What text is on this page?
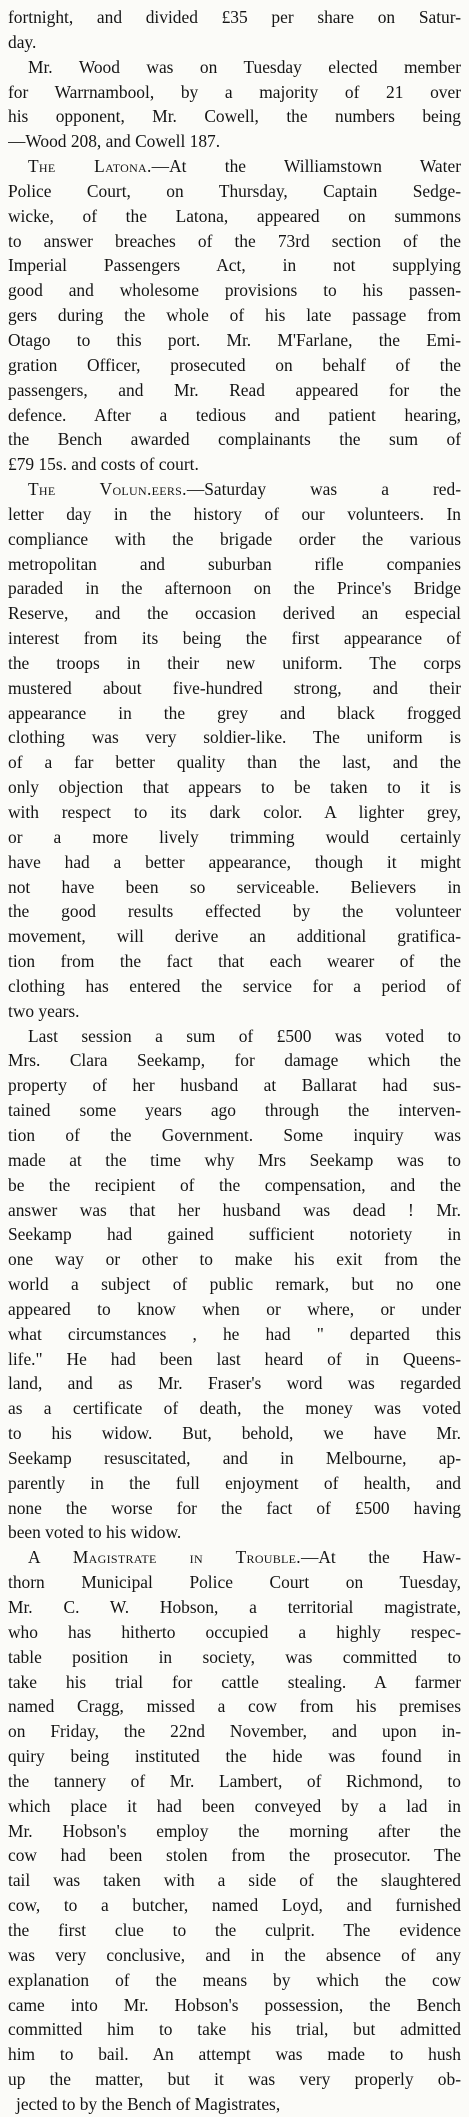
fortnight, and divided £35 per share on Satur-
day.
Mr. Wood was on Tuesday elected member
for Warrnambool, by a majority of 21 over
his opponent, Mr. Cowell, the numbers being
—Wood 208, and Cowell 187.
The Latona.—At the Williamstown Water
Police Court, on Thursday, Captain Sedge-
wicke, of the Latona, appeared on summons
to answer breaches of the 73rd section of the
Imperial Passengers Act, in not supplying
good and wholesome provisions to his passen-
gers during the whole of his late passage from
Otago to this port. Mr. M'Farlane, the Emi-
gration Officer, prosecuted on behalf of the
passengers, and Mr. Read appeared for the
defence. After a tedious and patient hearing,
the Bench awarded complainants the sum of
£79 15s. and costs of court.
The Volun.eers.—Saturday was a red-
letter day in the history of our volunteers. In
compliance with the brigade order the various
metropolitan and suburban rifle companies
paraded in the afternoon on the Prince's Bridge
Reserve, and the occasion derived an especial
interest from its being the first appearance of
the troops in their new uniform. The corps
mustered about five-hundred strong, and their
appearance in the grey and black frogged
clothing was very soldier-like. The uniform is
of a far better quality than the last, and the
only objection that appears to be taken to it is
with respect to its dark color. A lighter grey,
or a more lively trimming would certainly
have had a better appearance, though it might
not have been so serviceable. Believers in
the good results effected by the volunteer
movement, will derive an additional gratifica-
tion from the fact that each wearer of the
clothing has entered the service for a period of
two years.
Last session a sum of £500 was voted to
Mrs. Clara Seekamp, for damage which the
property of her husband at Ballarat had sus-
tained some years ago through the interven-
tion of the Government. Some inquiry was
made at the time why Mrs Seekamp was to
be the recipient of the compensation, and the
answer was that her husband was dead ! Mr.
Seekamp had gained sufficient notoriety in
one way or other to make his exit from the
world a subject of public remark, but no one
appeared to know when or where, or under
what circumstances , he had " departed this
life." He had been last heard of in Queens-
land, and as Mr. Fraser's word was regarded
as a certificate of death, the money was voted
to his widow. But, behold, we have Mr.
Seekamp resuscitated, and in Melbourne, ap-
parently in the full enjoyment of health, and
none the worse for the fact of £500 having
been voted to his widow.
A Magistrate in Trouble.—At the Haw-
thorn Municipal Police Court on Tuesday,
Mr. C. W. Hobson, a territorial magistrate,
who has hitherto occupied a highly respec-
table position in society, was committed to
take his trial for cattle stealing. A farmer
named Cragg, missed a cow from his premises
on Friday, the 22nd November, and upon in-
quiry being instituted the hide was found in
the tannery of Mr. Lambert, of Richmond, to
which place it had been conveyed by a lad in
Mr. Hobson's employ the morning after the
cow had been stolen from the prosecutor. The
tail was taken with a side of the slaughtered
cow, to a butcher, named Loyd, and furnished
the first clue to the culprit. The evidence
was very conclusive, and in the absence of any
explanation of the means by which the cow
came into Mr. Hobson's possession, the Bench
committed him to take his trial, but admitted
him to bail. An attempt was made to hush
up the matter, but it was very properly ob-
jected to by the Bench of Magistrates,
